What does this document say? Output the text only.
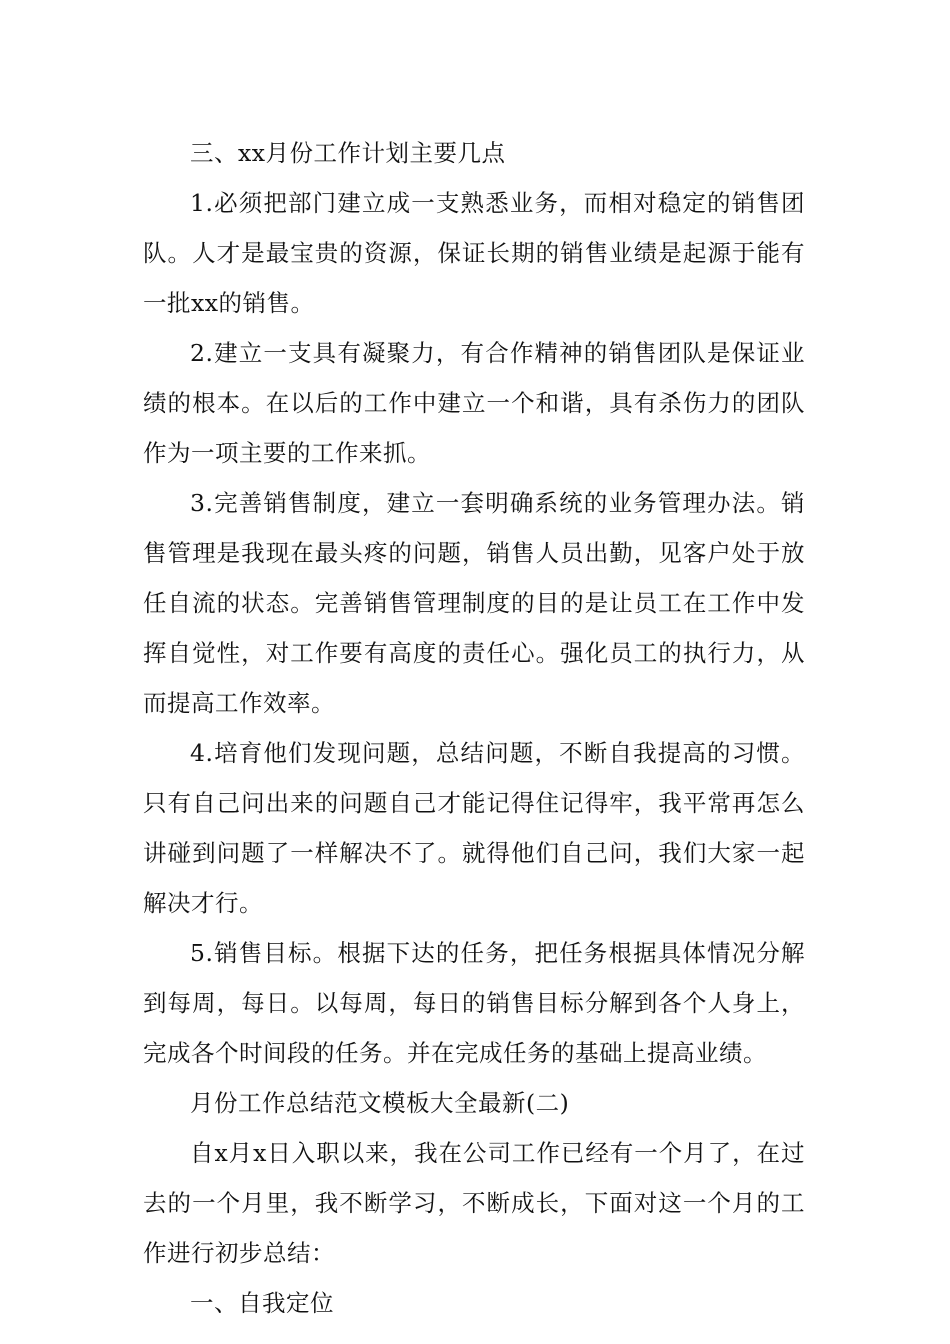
三、xx月份工作计划主要几点

1.必须把部门建立成一支熟悉业务，而相对稳定的销售团队。人才是最宝贵的资源，保证长期的销售业绩是起源于能有一批xx的销售。

2.建立一支具有凝聚力，有合作精神的销售团队是保证业绩的根本。在以后的工作中建立一个和谐，具有杀伤力的团队作为一项主要的工作来抓。

3.完善销售制度，建立一套明确系统的业务管理办法。销售管理是我现在最头疼的问题，销售人员出勤，见客户处于放任自流的状态。完善销售管理制度的目的是让员工在工作中发挥自觉性，对工作要有高度的责任心。强化员工的执行力，从而提高工作效率。

4.培育他们发现问题，总结问题，不断自我提高的习惯。只有自己问出来的问题自己才能记得住记得牢，我平常再怎么讲碰到问题了一样解决不了。就得他们自己问，我们大家一起解决才行。

5.销售目标。根据下达的任务，把任务根据具体情况分解到每周，每日。以每周，每日的销售目标分解到各个人身上，完成各个时间段的任务。并在完成任务的基础上提高业绩。

月份工作总结范文模板大全最新(二)

自x月x日入职以来，我在公司工作已经有一个月了，在过去的一个月里，我不断学习，不断成长，下面对这一个月的工作进行初步总结：

一、自我定位
